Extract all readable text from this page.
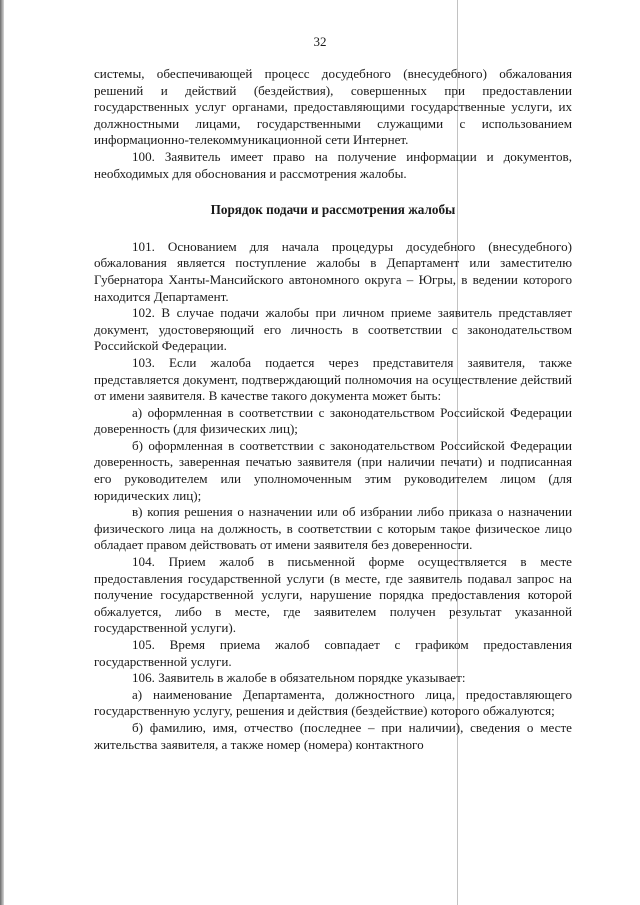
32

системы, обеспечивающей процесс досудебного (внесудебного) обжалования решений и действий (бездействия), совершенных при предоставлении государственных услуг органами, предоставляющими государственные услуги, их должностными лицами, государственными служащими с использованием информационно-телекоммуникационной сети Интернет.

100. Заявитель имеет право на получение информации и документов, необходимых для обоснования и рассмотрения жалобы.

Порядок подачи и рассмотрения жалобы

101. Основанием для начала процедуры досудебного (внесудебного) обжалования является поступление жалобы в Департамент или заместителю Губернатора Ханты-Мансийского автономного округа – Югры, в ведении которого находится Департамент.

102. В случае подачи жалобы при личном приеме заявитель представляет документ, удостоверяющий его личность в соответствии с законодательством Российской Федерации.

103. Если жалоба подается через представителя заявителя, также представляется документ, подтверждающий полномочия на осуществление действий от имени заявителя. В качестве такого документа может быть:

а) оформленная в соответствии с законодательством Российской Федерации доверенность (для физических лиц);

б) оформленная в соответствии с законодательством Российской Федерации доверенность, заверенная печатью заявителя (при наличии печати) и подписанная его руководителем или уполномоченным этим руководителем лицом (для юридических лиц);

в) копия решения о назначении или об избрании либо приказа о назначении физического лица на должность, в соответствии с которым такое физическое лицо обладает правом действовать от имени заявителя без доверенности.

104. Прием жалоб в письменной форме осуществляется в месте предоставления государственной услуги (в месте, где заявитель подавал запрос на получение государственной услуги, нарушение порядка предоставления которой обжалуется, либо в месте, где заявителем получен результат указанной государственной услуги).

105. Время приема жалоб совпадает с графиком предоставления государственной услуги.

106. Заявитель в жалобе в обязательном порядке указывает:

а) наименование Департамента, должностного лица, предоставляющего государственную услугу, решения и действия (бездействие) которого обжалуются;

б) фамилию, имя, отчество (последнее – при наличии), сведения о месте жительства заявителя, а также номер (номера) контактного
